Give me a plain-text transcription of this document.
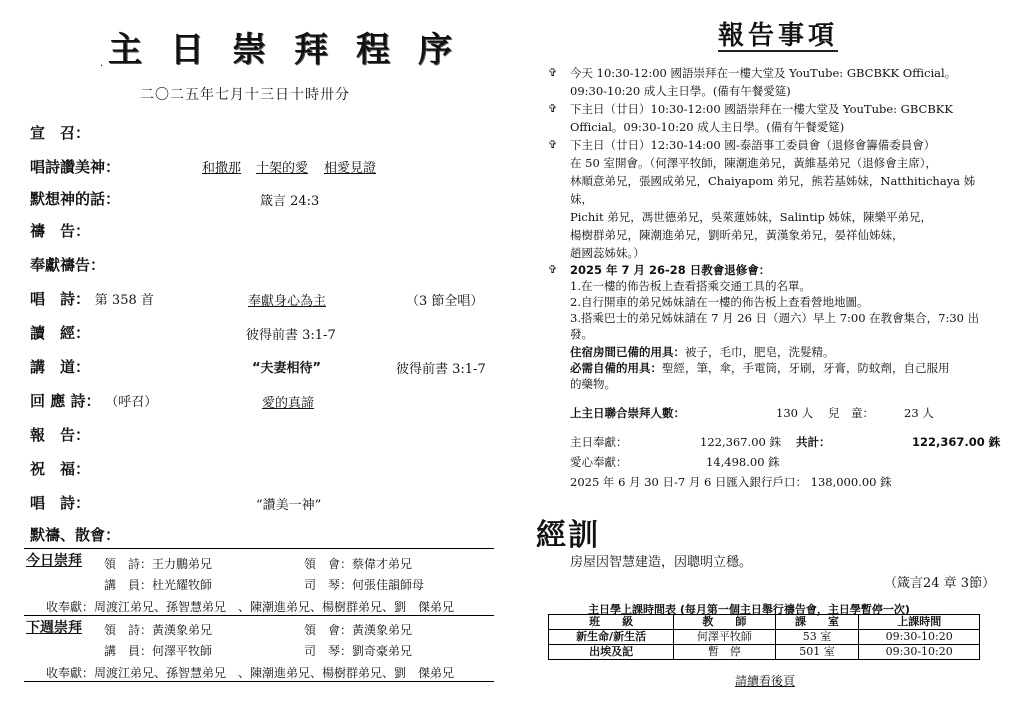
主日崇拜程序
.
二〇二五年七月十三日十時卅分
宣　召：
唱詩讚美神：	和撒那 十架的愛 相愛見證
默想神的話：	箴言 24:3
禱　告：
奉獻禱告：
唱　詩： 第 358 首	奉獻身心為主	（3 節全唱）
讀　經：	彼得前書 3:1-7
講　道：	“夫妻相待”	彼得前書 3:1-7
回 應 詩： （呼召）	愛的真諦
報　告：
祝　福：
唱　詩：	“讚美一神”
默禱、散會：
今日崇拜 領　詩：王力鵬弟兄	領　會：蔡偉才弟兄
講　員：杜光耀牧師	司　琴：何張佳韻師母
收奉獻：周渡江弟兄、孫智慧弟兄　、陳潮進弟兄、楊樹群弟兄、劉　傑弟兄
下週崇拜 領　詩：黃漢象弟兄	領　會：黃漢象弟兄
講　員：何澤平牧師	司　琴：劉奇豪弟兄
收奉獻：周渡江弟兄、孫智慧弟兄　、陳潮進弟兄、楊樹群弟兄、劉　傑弟兄
報告事項
✞ 今天 10:30-12:00 國語崇拜在一樓大堂及 YouTube: GBCBKK Official。
09:30-10:20 成人主日學。(備有午餐愛筵)
✞ 下主日（廿日）10:30-12:00 國語崇拜在一樓大堂及 YouTube: GBCBKK
Official。09:30-10:20 成人主日學。(備有午餐愛筵)
✞ 下主日（廿日）12:30-14:00 國-泰語事工委員會（退修會籌備委員會）
在 50 室開會。（何澤平牧師，陳潮進弟兄，黃維基弟兄（退修會主席），
林順意弟兄，張國成弟兄，Chaiyapom 弟兄，熊若基姊妹，Natthitichaya 姊妹，
Pichit 弟兄，馮世德弟兄，吳萊蓮姊妹，Salintip 姊妹，陳樂平弟兄，
楊樹群弟兄，陳潮進弟兄，劉昕弟兄，黃漢象弟兄，晏祥仙姊妹，
趙國蕊姊妹。）
✞ 2025 年 7 月 26-28 日教會退修會：
1.在一樓的佈告板上查看搭乘交通工具的名單。
2.自行開車的弟兄姊妹請在一樓的佈告板上查看營地地圖。
3.搭乘巴士的弟兄姊妹請在 7 月 26 日（週六）早上 7:00 在教會集合，7:30 出
發。
住宿房間已備的用具：被子，毛巾，肥皂，洗髮精。
必需自備的用具：聖經，筆，傘，手電筒，牙刷，牙膏，防蚊劑，自己服用
的藥物。
上主日聯合崇拜人數：	130 人 兒　童：	23 人
主日奉獻：	122,367.00 銖 共計：	122,367.00 銖
愛心奉獻：	14,498.00 銖
2025 年 6 月 30 日-7 月 6 日匯入銀行戶口： 138,000.00 銖
經訓
房屋因智慧建造，因聰明立穩。
（箴言24 章 3節）
主日學上課時間表 (每月第一個主日舉行禱告會，主日學暫停一次)
班　　級	教　　師	課　　室	上課時間
新生命/新生活	何澤平牧師	53 室	09:30-10:20
出埃及記	暫　停	501 室	09:30-10:20
請續看後頁
